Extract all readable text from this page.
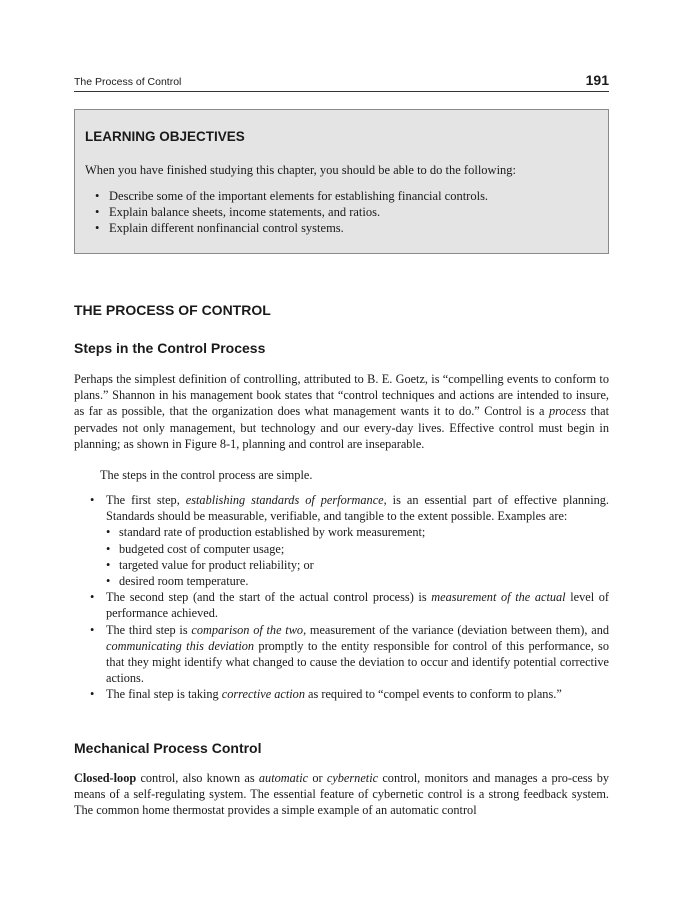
The Process of Control	191
LEARNING OBJECTIVES
When you have finished studying this chapter, you should be able to do the following:
• Describe some of the important elements for establishing financial controls.
• Explain balance sheets, income statements, and ratios.
• Explain different nonfinancial control systems.
THE PROCESS OF CONTROL
Steps in the Control Process
Perhaps the simplest definition of controlling, attributed to B. E. Goetz, is “compelling events to conform to plans.” Shannon in his management book states that “control techniques and actions are intended to insure, as far as possible, that the organization does what management wants it to do.” Control is a process that pervades not only management, but technology and our every-day lives. Effective control must begin in planning; as shown in Figure 8-1, planning and control are inseparable.
The steps in the control process are simple.
• The first step, establishing standards of performance, is an essential part of effective planning. Standards should be measurable, verifiable, and tangible to the extent possible. Examples are:
• standard rate of production established by work measurement;
• budgeted cost of computer usage;
• targeted value for product reliability; or
• desired room temperature.
• The second step (and the start of the actual control process) is measurement of the actual level of performance achieved.
• The third step is comparison of the two, measurement of the variance (deviation between them), and communicating this deviation promptly to the entity responsible for control of this performance, so that they might identify what changed to cause the deviation to occur and identify potential corrective actions.
• The final step is taking corrective action as required to “compel events to conform to plans.”
Mechanical Process Control
Closed-loop control, also known as automatic or cybernetic control, monitors and manages a pro-cess by means of a self-regulating system. The essential feature of cybernetic control is a strong feedback system. The common home thermostat provides a simple example of an automatic control
